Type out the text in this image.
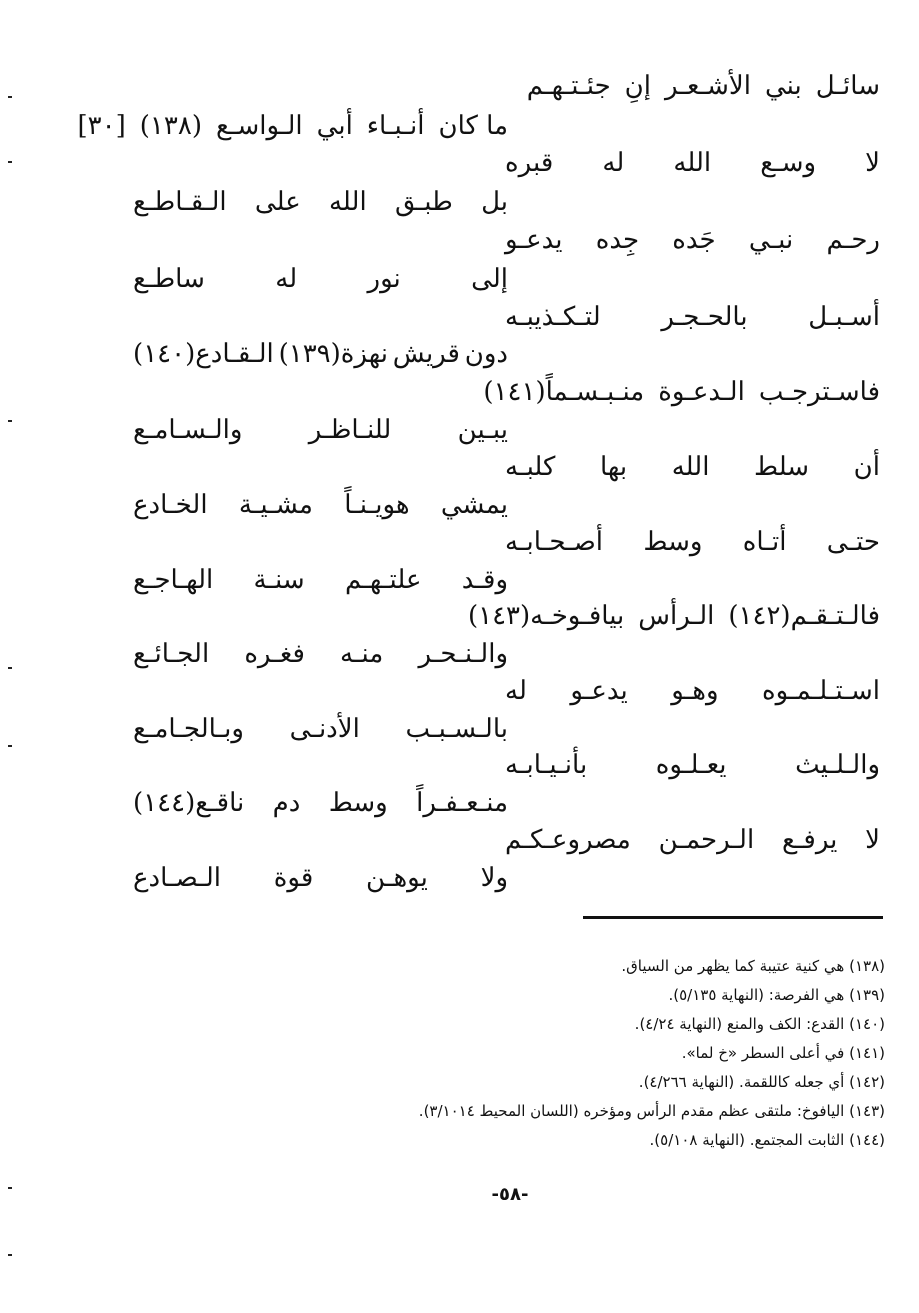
سائـل
بني
الأشـعـر
إنِ
جئـتـهـم
ما كان
أنـبـاء
أبي
الـواسـع
(١٣٨)
[٣٠]
لا
وسـع
الله
له
قبره
بل
طبـق
الله
على
الـقـاطـع
رحـم
نبـي
جَده
جِده
يدعـو
إلى
نور
له
ساطـع
أسـبـل
بالحـجـر
لتـكـذيبـه
دون
قريش
نهزة(١٣٩)
الـقـادع(١٤٠)
فاسـترجـب
الـدعـوة
منـبـسـماً(١٤١)
يبـين
للنـاظـر
والـسـامـع
أن
سلط
الله
بها
كلبـه
يمشي
هويـنـاً
مشـيـة
الخـادع
حتـى
أتـاه
وسط
أصـحـابـه
وقـد
علتـهـم
سنـة
الهـاجـع
فالـتـقـم(١٤٢)
الـرأس
بيافـوخـه(١٤٣)
والـنـحـر
منـه
فغـره
الجـائـع
اسـتـلـمـوه
وهـو
يدعـو
له
بالـسـبـب
الأدنـى
وبـالجـامـع
والـلـيث
يعـلـوه
بأنـيـابـه
منـعـفـراً
وسط
دم
ناقـع(١٤٤)
لا
يرفـع
الـرحمـن
مصروعـكـم
ولا
يوهـن
قوة
الـصـادع
(١٣٨) هي كنية عتيبة كما يظهر من السياق.
(١٣٩) هي الفرصة: (النهاية ٥/١٣٥).
(١٤٠) القدع: الكف والمنع (النهاية ٤/٢٤).
(١٤١) في أعلى السطر «خ لما».
(١٤٢) أي جعله كاللقمة. (النهاية ٤/٢٦٦).
(١٤٣) اليافوخ: ملتقى عظم مقدم الرأس ومؤخره (اللسان المحيط ٣/١٠١٤).
(١٤٤) الثابت المجتمع. (النهاية ٥/١٠٨).
-٥٨-
